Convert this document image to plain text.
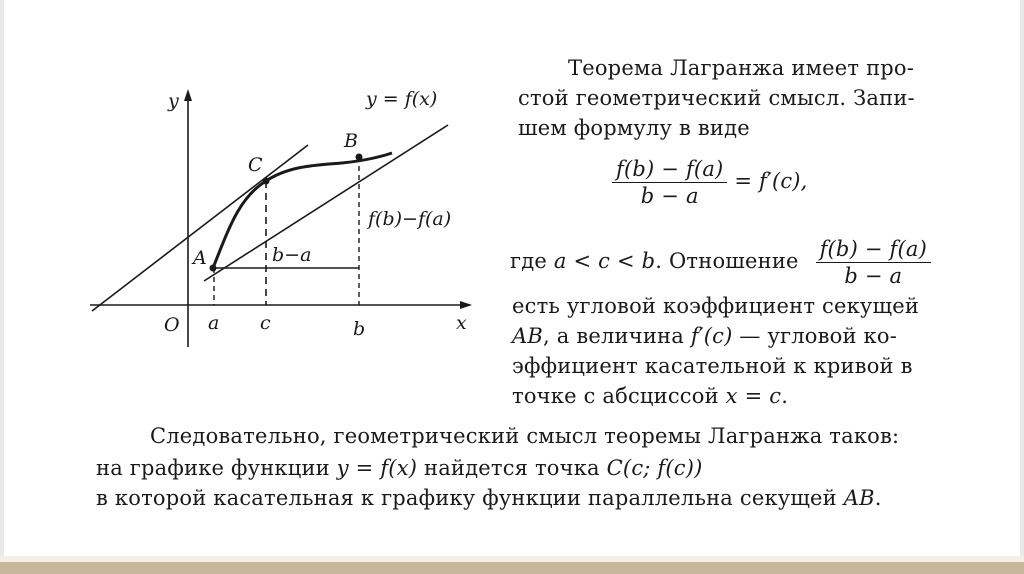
y
x
y = f(x)
A
B
C
a c	b
b−a
f(b)−f(a)
O
Теорема Лагранжа имеет про-
стой геометрический смысл. Запи-
шем формулу в виде
$\frac{f(b) - f(a)}{b - a} = f'(c)$,
где a < c < b. Отношение $\frac{f(b) - f(a)}{b - a}$
есть угловой коэффициент секущей
AB, а величина f′(c) — угловой ко-
эффициент касательной к кривой в
точке с абсциссой x = c.
Следовательно, геометрический смысл теоремы Лагранжа таков:
на графике функции y = f(x) найдется точка C(c; f(c))
в которой касательная к графику функции параллельна секущей AB.
